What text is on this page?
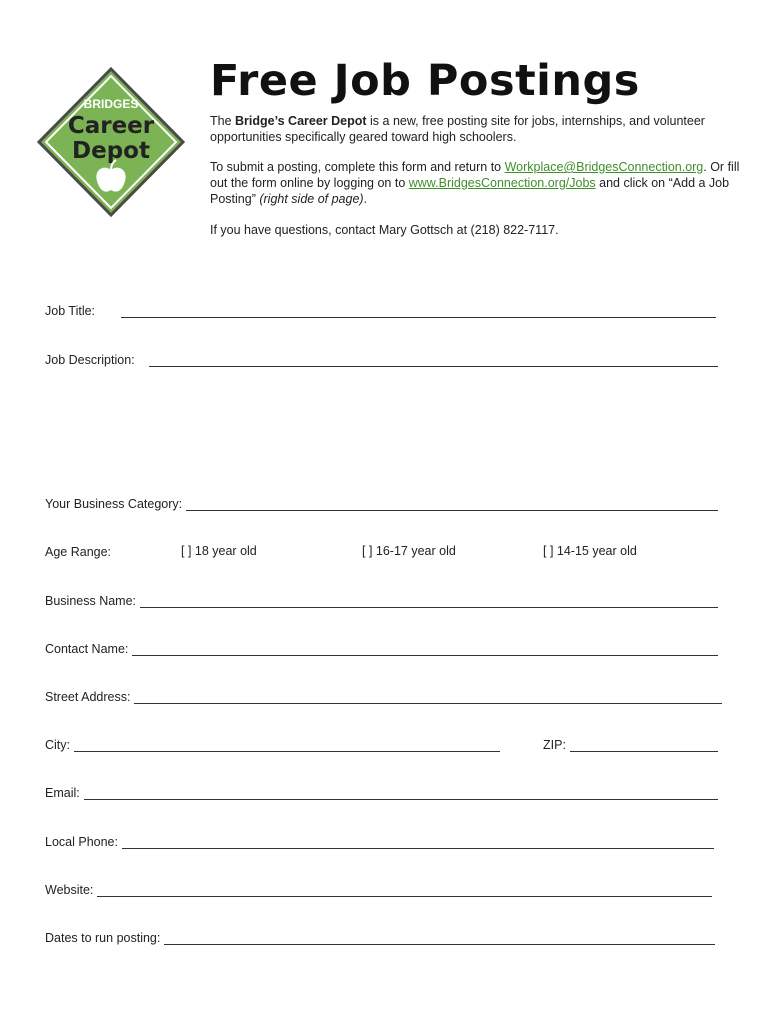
BRIDGES
Career
Depot
Free Job Postings

The Bridge’s Career Depot is a new, free posting site for jobs, internships, and volunteer opportunities specifically geared toward high schoolers.

To submit a posting, complete this form and return to Workplace@BridgesConnection.org. Or fill out the form online by logging on to www.BridgesConnection.org/Jobs and click on “Add a Job Posting” (right side of page).

If you have questions, contact Mary Gottsch at (218) 822-7117.

Job Title:
Job Description:
Your Business Category:
Age Range:	[ ] 18 year old	[ ] 16-17 year old	[ ] 14-15 year old
Business Name:
Contact Name:
Street Address:
City:	ZIP:
Email:
Local Phone:
Website:
Dates to run posting:
